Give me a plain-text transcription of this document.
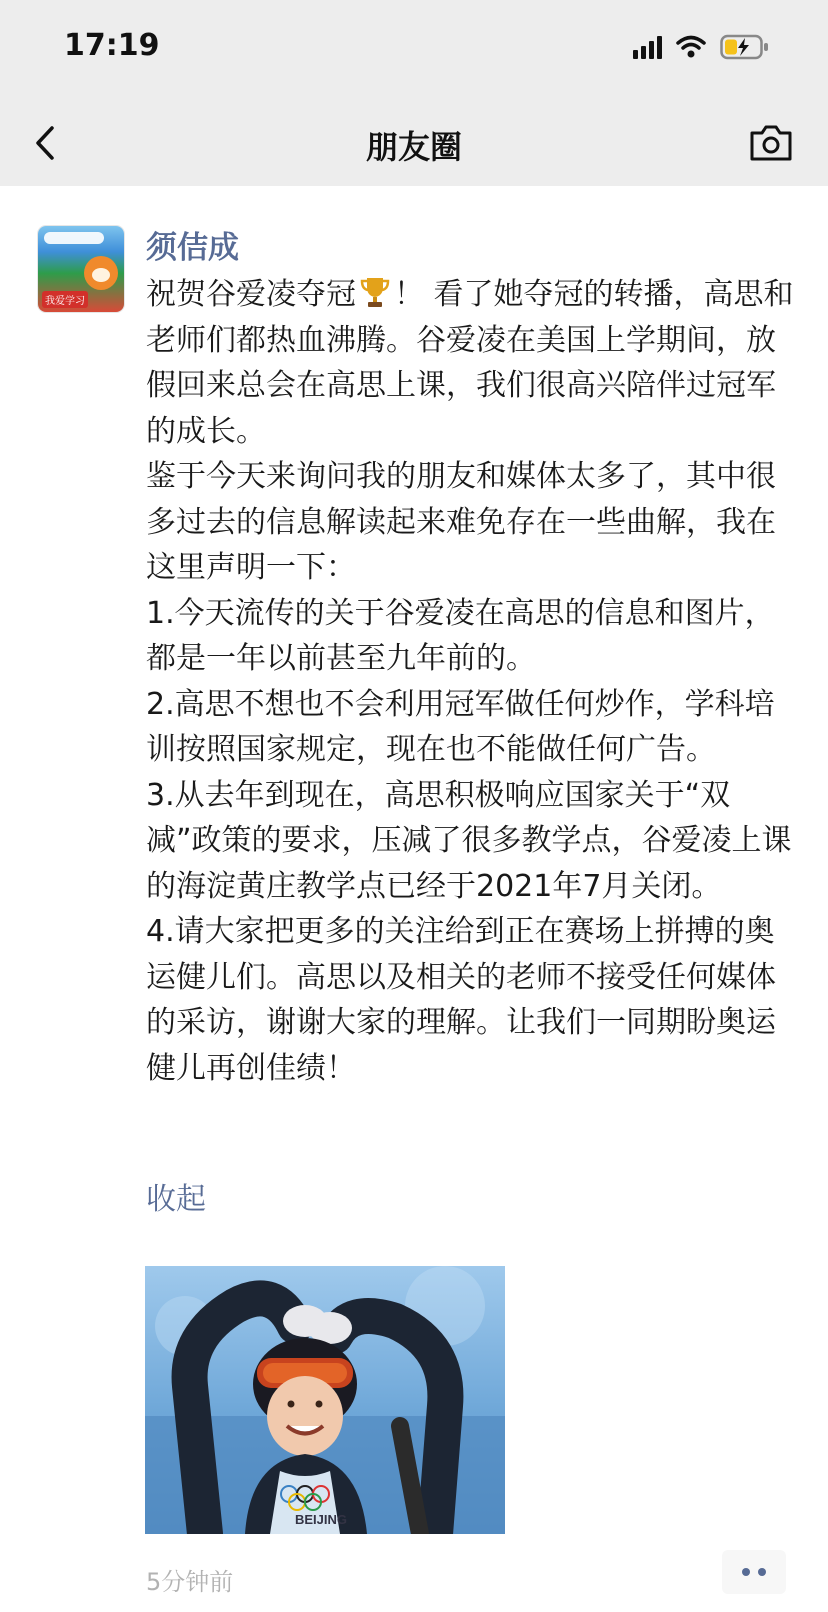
17:19
朋友圈
我爱学习
须佶成

祝贺谷爱凌夺冠 ！ 看了她夺冠的转播，高思和老师们都热血沸腾。谷爱凌在美国上学期间，放假回来总会在高思上课，我们很高兴陪伴过冠军的成长。

鉴于今天来询问我的朋友和媒体太多了，其中很多过去的信息解读起来难免存在一些曲解，我在这里声明一下：

1.今天流传的关于谷爱凌在高思的信息和图片，都是一年以前甚至九年前的。

2.高思不想也不会利用冠军做任何炒作，学科培训按照国家规定，现在也不能做任何广告。

3.从去年到现在，高思积极响应国家关于“双减”政策的要求，压减了很多教学点，谷爱凌上课的海淀黄庄教学点已经于2021年7月关闭。

4.请大家把更多的关注给到正在赛场上拼搏的奥运健儿们。高思以及相关的老师不接受任何媒体的采访，谢谢大家的理解。让我们一同期盼奥运健儿再创佳绩！

收起
BEIJING
5分钟前
